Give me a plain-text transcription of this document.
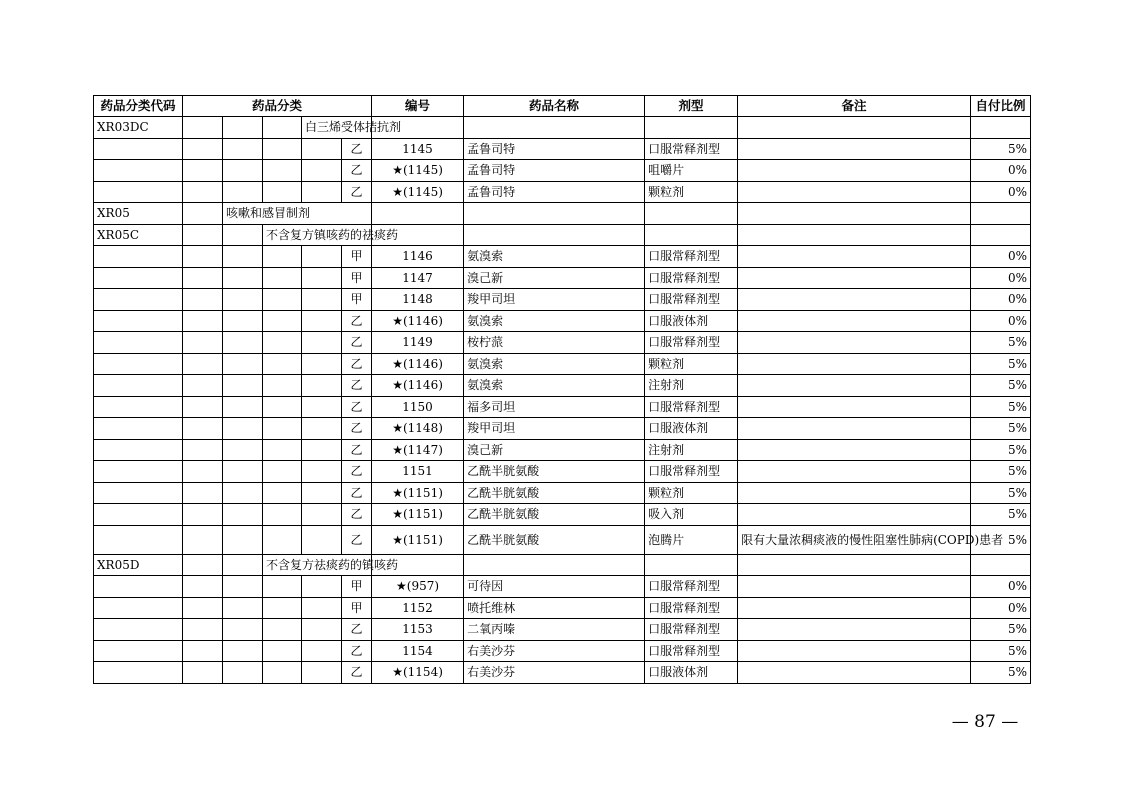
药品分类代码	药品分类					编号	药品名称	剂型	备注	自付比例
XR03DC				白三烯受体拮抗剂						
					乙	1145	孟鲁司特	口服常释剂型		5%
					乙	★(1145)	孟鲁司特	咀嚼片		0%
					乙	★(1145)	孟鲁司特	颗粒剂		0%
XR05		咳嗽和感冒制剂								
XR05C			不含复方镇咳药的祛痰药							
					甲	1146	氨溴索	口服常释剂型		0%
					甲	1147	溴己新	口服常释剂型		0%
					甲	1148	羧甲司坦	口服常释剂型		0%
					乙	★(1146)	氨溴索	口服液体剂		0%
					乙	1149	桉柠蒎	口服常释剂型		5%
					乙	★(1146)	氨溴索	颗粒剂		5%
					乙	★(1146)	氨溴索	注射剂		5%
					乙	1150	福多司坦	口服常释剂型		5%
					乙	★(1148)	羧甲司坦	口服液体剂		5%
					乙	★(1147)	溴己新	注射剂		5%
					乙	1151	乙酰半胱氨酸	口服常释剂型		5%
					乙	★(1151)	乙酰半胱氨酸	颗粒剂		5%
					乙	★(1151)	乙酰半胱氨酸	吸入剂		5%
					乙	★(1151)	乙酰半胱氨酸	泡腾片	限有大量浓稠痰液的慢性阻塞性肺病(COPD)患者	5%
XR05D			不含复方祛痰药的镇咳药							
					甲	★(957)	可待因	口服常释剂型		0%
					甲	1152	喷托维林	口服常释剂型		0%
					乙	1153	二氧丙嗪	口服常释剂型		5%
					乙	1154	右美沙芬	口服常释剂型		5%
					乙	★(1154)	右美沙芬	口服液体剂		5%
— 87 —
